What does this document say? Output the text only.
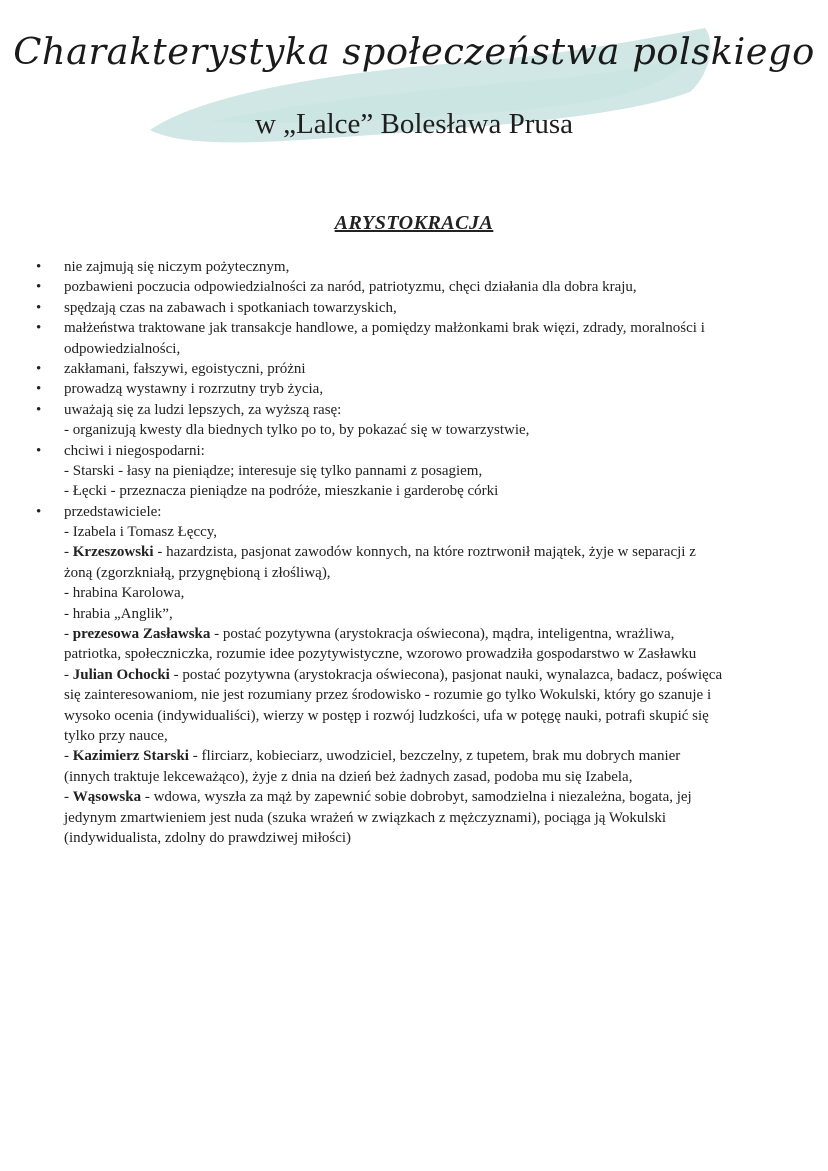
Charakterystyka społeczeństwa polskiego
w „Lalce” Bolesława Prusa
ARYSTOKRACJA
•	nie zajmują się niczym pożytecznym,
•	pozbawieni poczucia odpowiedzialności za naród, patriotyzmu, chęci działania dla dobra kraju,
•	spędzają czas na zabawach i spotkaniach towarzyskich,
•	małżeństwa traktowane jak transakcje handlowe, a pomiędzy małżonkami brak więzi, zdrady, moralności i
odpowiedzialności,
•	zakłamani, fałszywi, egoistyczni, próżni
•	prowadzą wystawny i rozrzutny tryb życia,
•	uważają się za ludzi lepszych, za wyższą rasę:
- organizują kwesty dla biednych tylko po to, by pokazać się w towarzystwie,
•	chciwi i niegospodarni:
- Starski - łasy na pieniądze; interesuje się tylko pannami z posagiem,
- Łęcki - przeznacza pieniądze na podróże, mieszkanie i garderobę córki
•	przedstawiciele:
- Izabela i Tomasz Łęccy,
- Krzeszowski - hazardzista, pasjonat zawodów konnych, na które roztrwonił majątek, żyje w separacji z
żoną (zgorzkniałą, przygnębioną i złośliwą),
- hrabina Karolowa,
- hrabia „Anglik”,
- prezesowa Zasławska - postać pozytywna (arystokracja oświecona), mądra, inteligentna, wrażliwa,
patriotka, społeczniczka, rozumie idee pozytywistyczne, wzorowo prowadziła gospodarstwo w Zasławku
- Julian Ochocki - postać pozytywna (arystokracja oświecona), pasjonat nauki, wynalazca, badacz, poświęca
się zainteresowaniom, nie jest rozumiany przez środowisko - rozumie go tylko Wokulski, który go szanuje i
wysoko ocenia (indywidualiści), wierzy w postęp i rozwój ludzkości, ufa w potęgę nauki, potrafi skupić się
tylko przy nauce,
- Kazimierz Starski - flirciarz, kobieciarz, uwodziciel, bezczelny, z tupetem, brak mu dobrych manier
(innych traktuje lekceważąco), żyje z dnia na dzień beż żadnych zasad, podoba mu się Izabela,
- Wąsowska - wdowa, wyszła za mąż by zapewnić sobie dobrobyt, samodzielna i niezależna, bogata, jej
jedynym zmartwieniem jest nuda (szuka wrażeń w związkach z mężczyznami), pociąga ją Wokulski
(indywidualista, zdolny do prawdziwej miłości)
